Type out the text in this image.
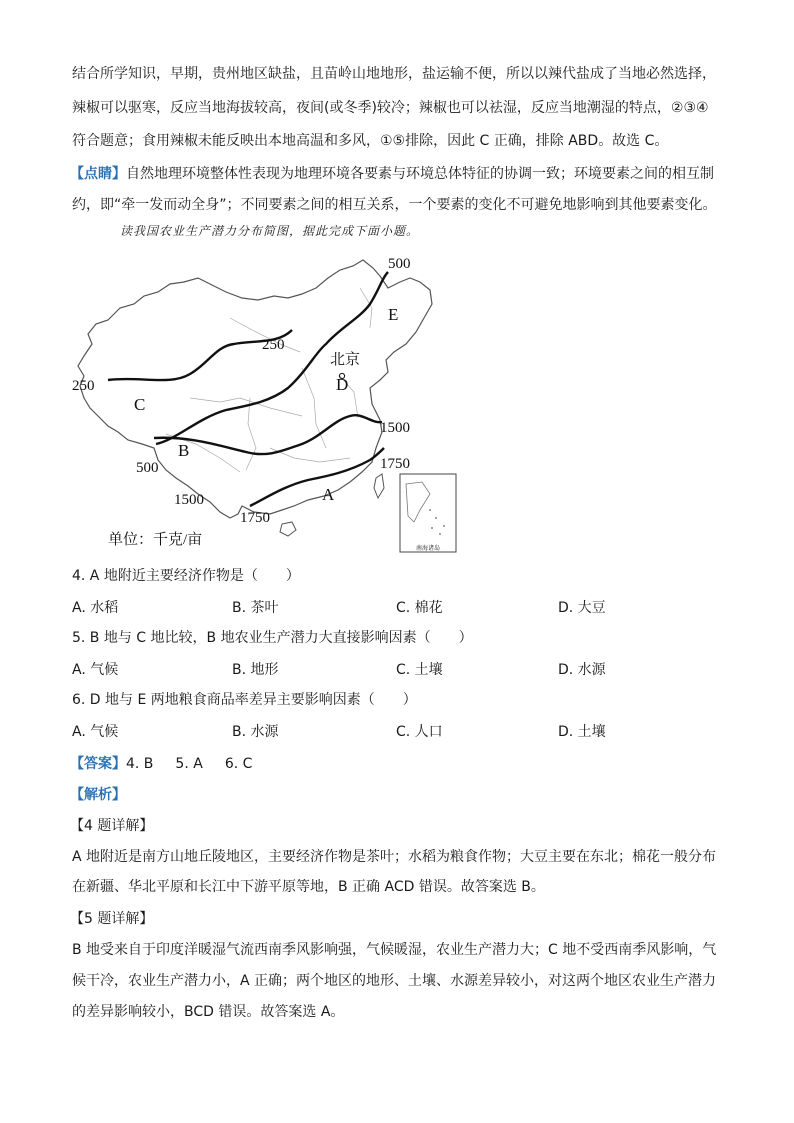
结合所学知识，早期，贵州地区缺盐，且苗岭山地地形，盐运输不便，所以以辣代盐成了当地必然选择，
辣椒可以驱寒，反应当地海拔较高，夜间(或冬季)较冷；辣椒也可以祛湿，反应当地潮湿的特点，②③④
符合题意；食用辣椒未能反映出本地高温和多风，①⑤排除，因此 C 正确，排除 ABD。故选 C。
【点睛】自然地理环境整体性表现为地理环境各要素与环境总体特征的协调一致；环境要素之间的相互制
约，即“牵一发而动全身”；不同要素之间的相互关系，一个要素的变化不可避免地影响到其他要素变化。
读我国农业生产潜力分布简图，据此完成下面小题。
500
250
250
500
1500
1750
1500
1750
A
B
C
D
E
北京
单位：千克/亩
南海诸岛
4. A 地附近主要经济作物是（　　）
A. 水稻	B. 茶叶	C. 棉花	D. 大豆
5. B 地与 C 地比较，B 地农业生产潜力大直接影响因素（　　）
A. 气候	B. 地形	C. 土壤	D. 水源
6. D 地与 E 两地粮食商品率差异主要影响因素（　　）
A. 气候	B. 水源	C. 人口	D. 土壤
【答案】4. B 5. A 6. C
【解析】
【4 题详解】
A 地附近是南方山地丘陵地区，主要经济作物是茶叶；水稻为粮食作物；大豆主要在东北；棉花一般分布
在新疆、华北平原和长江中下游平原等地，B 正确 ACD 错误。故答案选 B。
【5 题详解】
B 地受来自于印度洋暖湿气流西南季风影响强，气候暖湿，农业生产潜力大；C 地不受西南季风影响，气
候干冷，农业生产潜力小，A 正确；两个地区的地形、土壤、水源差异较小，对这两个地区农业生产潜力
的差异影响较小，BCD 错误。故答案选 A。
